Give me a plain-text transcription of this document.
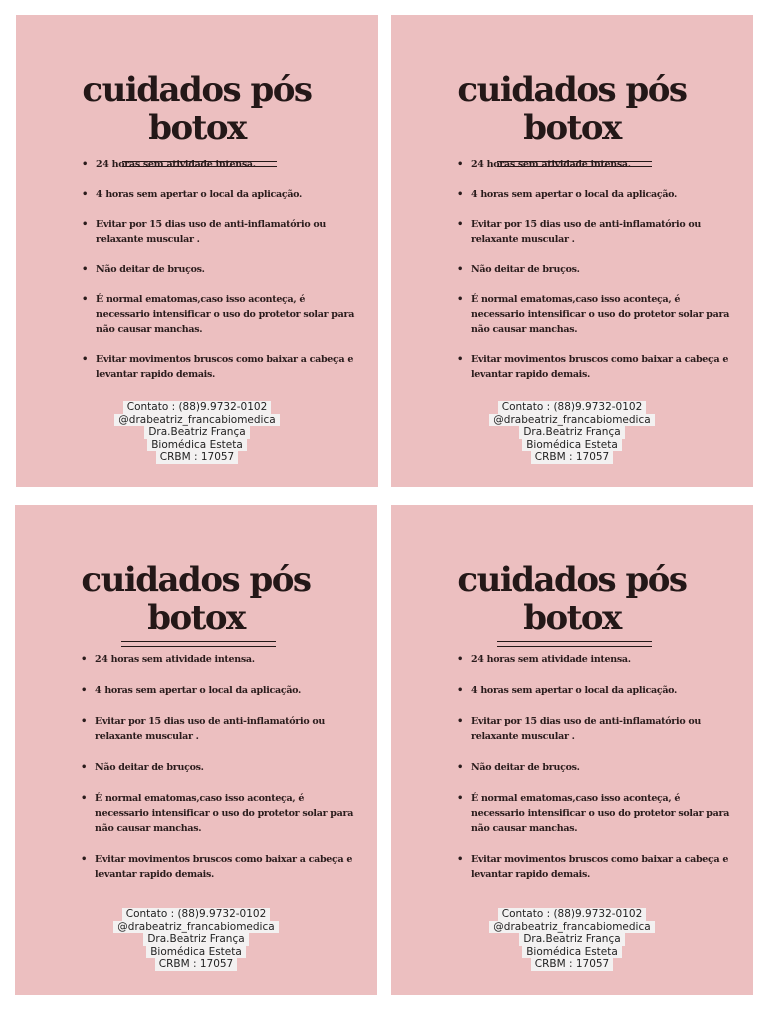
cuidados pós
botox
• 24 horas sem atividade intensa.
• 4 horas sem apertar o local da aplicação.
• Evitar por 15 dias uso de anti-inflamatório ou relaxante muscular .
• Não deitar de bruços.
• É normal ematomas,caso isso aconteça, é necessario intensificar o uso do protetor solar para não causar manchas.
• Evitar movimentos bruscos como baixar a cabeça e levantar rapido demais.
Contato : (88)9.9732-0102
@drabeatriz_francabiomedica
Dra.Beatriz França
Biomédica Esteta
CRBM : 17057
cuidados pós
botox
• 24 horas sem atividade intensa.
• 4 horas sem apertar o local da aplicação.
• Evitar por 15 dias uso de anti-inflamatório ou relaxante muscular .
• Não deitar de bruços.
• É normal ematomas,caso isso aconteça, é necessario intensificar o uso do protetor solar para não causar manchas.
• Evitar movimentos bruscos como baixar a cabeça e levantar rapido demais.
Contato : (88)9.9732-0102
@drabeatriz_francabiomedica
Dra.Beatriz França
Biomédica Esteta
CRBM : 17057
cuidados pós
botox
• 24 horas sem atividade intensa.
• 4 horas sem apertar o local da aplicação.
• Evitar por 15 dias uso de anti-inflamatório ou relaxante muscular .
• Não deitar de bruços.
• É normal ematomas,caso isso aconteça, é necessario intensificar o uso do protetor solar para não causar manchas.
• Evitar movimentos bruscos como baixar a cabeça e levantar rapido demais.
Contato : (88)9.9732-0102
@drabeatriz_francabiomedica
Dra.Beatriz França
Biomédica Esteta
CRBM : 17057
cuidados pós
botox
• 24 horas sem atividade intensa.
• 4 horas sem apertar o local da aplicação.
• Evitar por 15 dias uso de anti-inflamatório ou relaxante muscular .
• Não deitar de bruços.
• É normal ematomas,caso isso aconteça, é necessario intensificar o uso do protetor solar para não causar manchas.
• Evitar movimentos bruscos como baixar a cabeça e levantar rapido demais.
Contato : (88)9.9732-0102
@drabeatriz_francabiomedica
Dra.Beatriz França
Biomédica Esteta
CRBM : 17057
